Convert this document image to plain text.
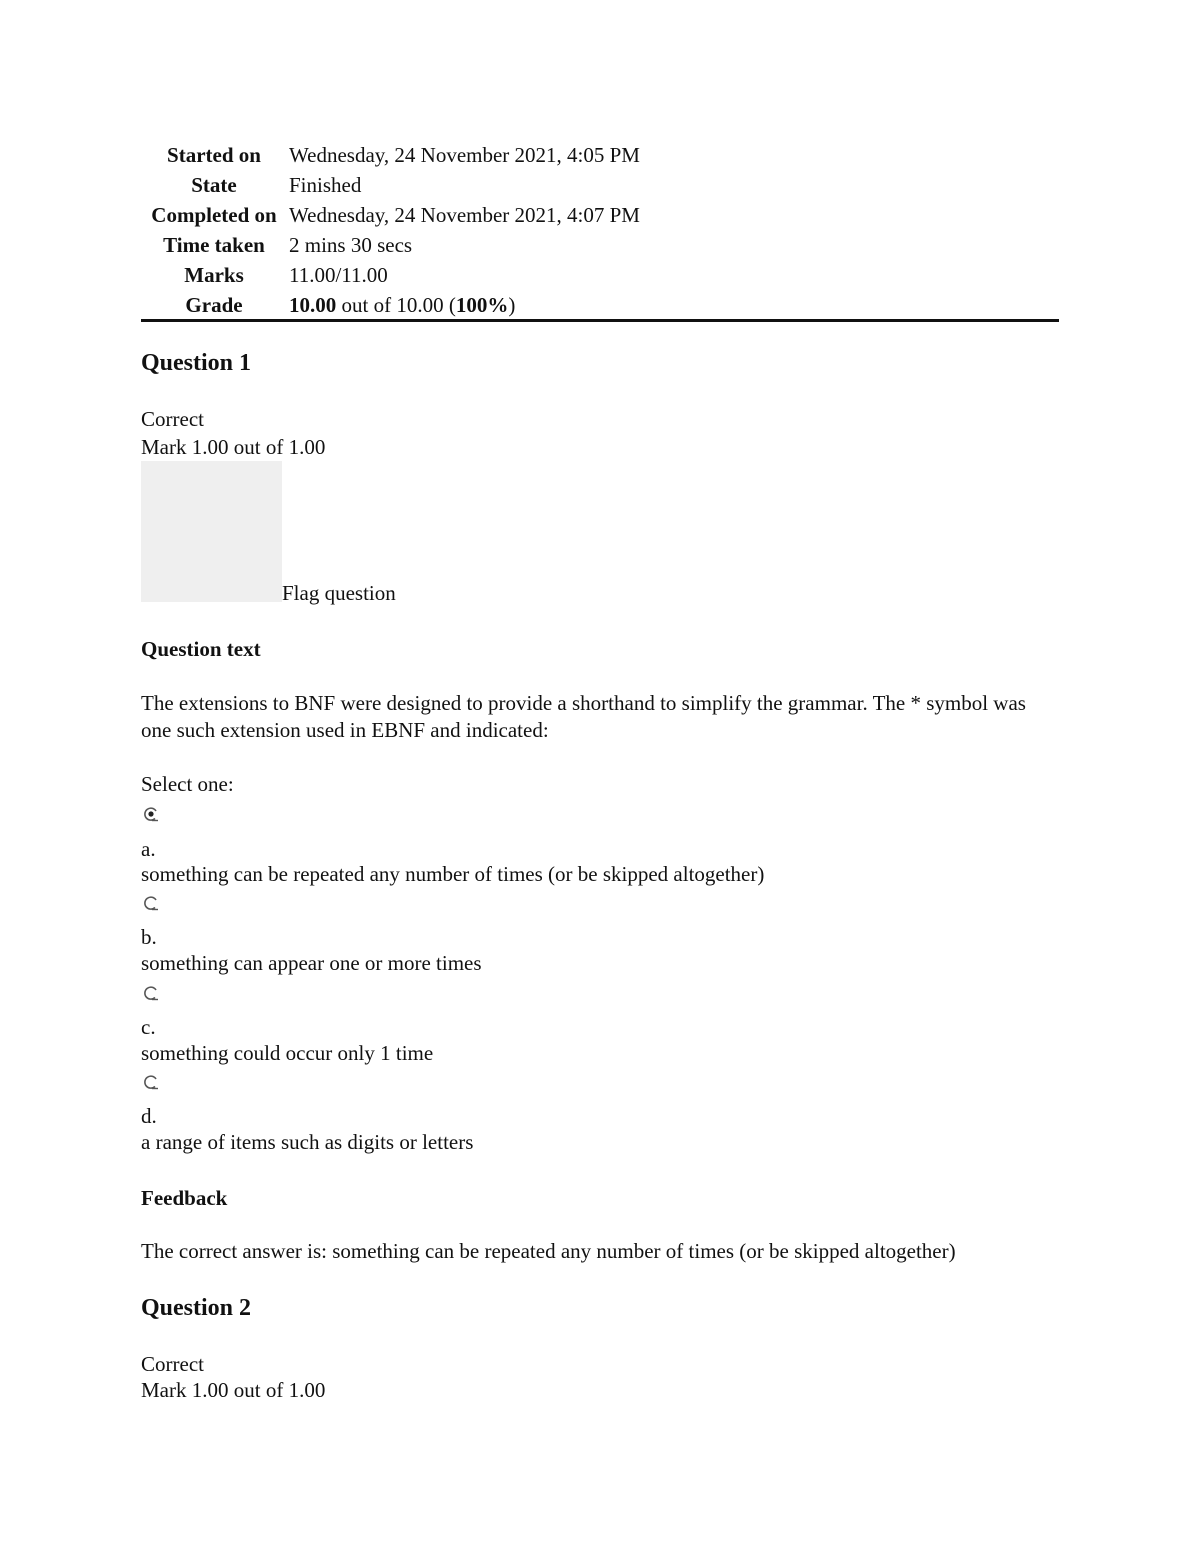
Started on	Wednesday, 24 November 2021, 4:05 PM
State	Finished
Completed on Wednesday, 24 November 2021, 4:07 PM
Time taken	2 mins 30 secs
Marks	11.00/11.00
Grade	10.00 out of 10.00 (100%)
Question 1
Correct
Mark 1.00 out of 1.00
Flag question
Question text
The extensions to BNF were designed to provide a shorthand to simplify the grammar. The * symbol was one such extension used in EBNF and indicated:
Select one:
a.
something can be repeated any number of times (or be skipped altogether)
b.
something can appear one or more times
c.
something could occur only 1 time
d.
a range of items such as digits or letters
Feedback
The correct answer is: something can be repeated any number of times (or be skipped altogether)
Question 2
Correct
Mark 1.00 out of 1.00
